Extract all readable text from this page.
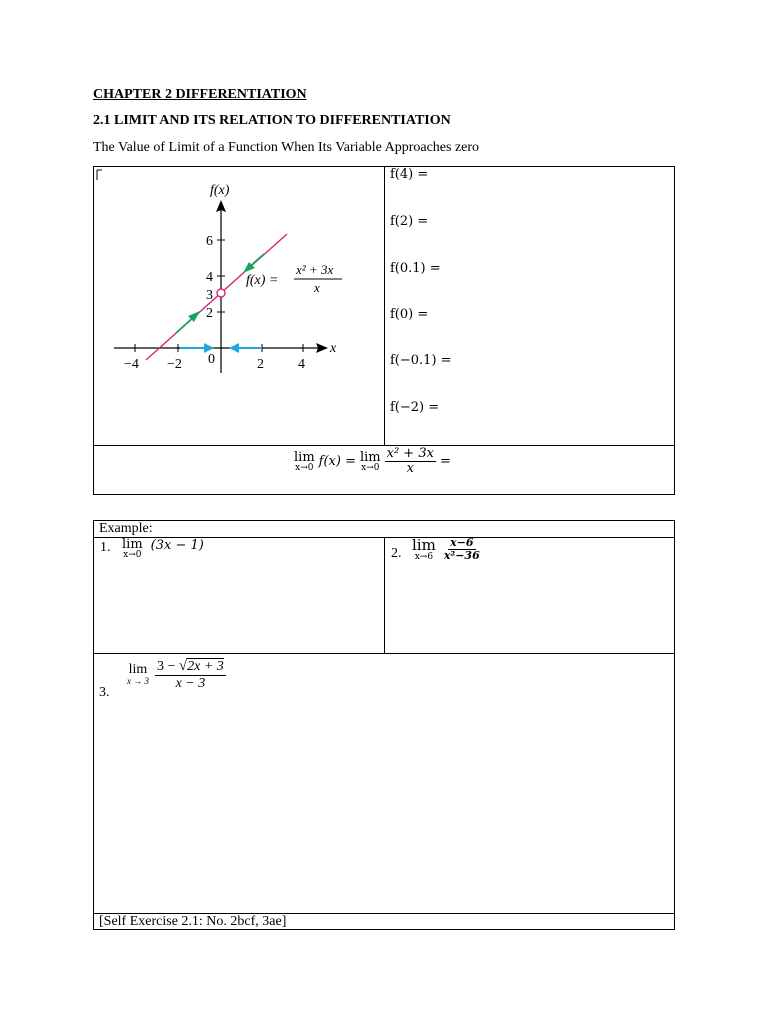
CHAPTER 2 DIFFERENTIATION
2.1 LIMIT AND ITS RELATION TO DIFFERENTIATION
The Value of Limit of a Function When Its Variable Approaches zero
f(x)
x
−4 −2 0	2 4
6
4
3
2
f(x) =
x² + 3x
x
f(4) =
f(2) =
f(0.1) =
f(0) =
f(−0.1) =
f(−2) =
lim
x→0 f(x) = lim
$x\to 0 \frac{\text{x² + 3x}}{x}$ =
Example:
1. lim
x→0
(3x − 1)
2. lim
$x\to 6 \frac{x-6}{\text{x²−36}}$
3.
lim
$x \to 3 \frac{3 - √2x + 3}{x - 3}$
[Self Exercise 2.1: No. 2bcf, 3ae]
